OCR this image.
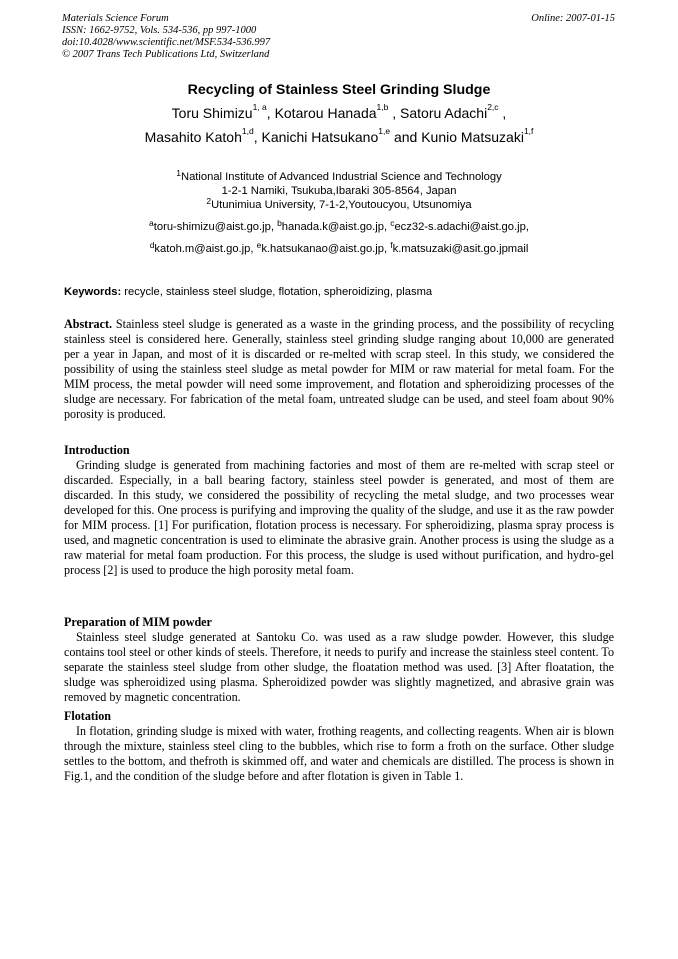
Materials Science Forum
ISSN: 1662-9752, Vols. 534-536, pp 997-1000
doi:10.4028/www.scientific.net/MSF.534-536.997
© 2007 Trans Tech Publications Ltd, Switzerland
Online: 2007-01-15
Recycling of Stainless Steel Grinding Sludge
Toru Shimizu$^{1, a}$, Kotarou Hanada$^{1,b}$ , Satoru Adachi$^{2,c}$ ,
Masahito Katoh$^{1,d}$, Kanichi Hatsukano$^{1,e}$ and Kunio Matsuzaki$^{1,f}$
$^1$National Institute of Advanced Industrial Science and Technology
1-2-1 Namiki, Tsukuba,Ibaraki 305-8564, Japan
$^2$Utunimiua University, 7-1-2,Youtoucyou, Utsunomiya
$^a$toru-shimizu@aist.go.jp, $^b$hanada.k@aist.go.jp, $^c$ecz32-s.adachi@aist.go.jp,
$^d$katoh.m@aist.go.jp, $^e$k.hatsukanao@aist.go.jp, $^f$k.matsuzaki@asit.go.jpmail
Keywords: recycle, stainless steel sludge, flotation, spheroidizing, plasma

Abstract. Stainless steel sludge is generated as a waste in the grinding process, and the possibility of recycling stainless steel is considered here. Generally, stainless steel grinding sludge ranging about 10,000 are generated per a year in Japan, and most of it is discarded or re-melted with scrap steel. In this study, we considered the possibility of using the stainless steel sludge as metal powder for MIM or raw material for metal foam. For the MIM process, the metal powder will need some improvement, and flotation and spheroidizing processes of the sludge are necessary. For fabrication of the metal foam, untreated sludge can be used, and steel foam about 90% porosity is produced.

Introduction

Grinding sludge is generated from machining factories and most of them are re-melted with scrap steel or discarded. Especially, in a ball bearing factory, stainless steel powder is generated, and most of them are discarded. In this study, we considered the possibility of recycling the metal sludge, and two processes wear developed for this. One process is purifying and improving the quality of the sludge, and use it as the raw powder for MIM process. [1] For purification, flotation process is necessary. For spheroidizing, plasma spray process is used, and magnetic concentration is used to eliminate the abrasive grain. Another process is using the sludge as a raw material for metal foam production. For this process, the sludge is used without purification, and hydro-gel process [2] is used to produce the high porosity metal foam.

Preparation of MIM powder

Stainless steel sludge generated at Santoku Co. was used as a raw sludge powder. However, this sludge contains tool steel or other kinds of steels. Therefore, it needs to purify and increase the stainless steel content. To separate the stainless steel sludge from other sludge, the floatation method was used. [3] After floatation, the sludge was spheroidized using plasma. Spheroidized powder was slightly magnetized, and abrasive grain was removed by magnetic concentration.

Flotation

In flotation, grinding sludge is mixed with water, frothing reagents, and collecting reagents. When air is blown through the mixture, stainless steel cling to the bubbles, which rise to form a froth on the surface. Other sludge settles to the bottom, and thefroth is skimmed off, and water and chemicals are distilled. The process is shown in Fig.1, and the condition of the sludge before and after flotation is given in Table 1.
